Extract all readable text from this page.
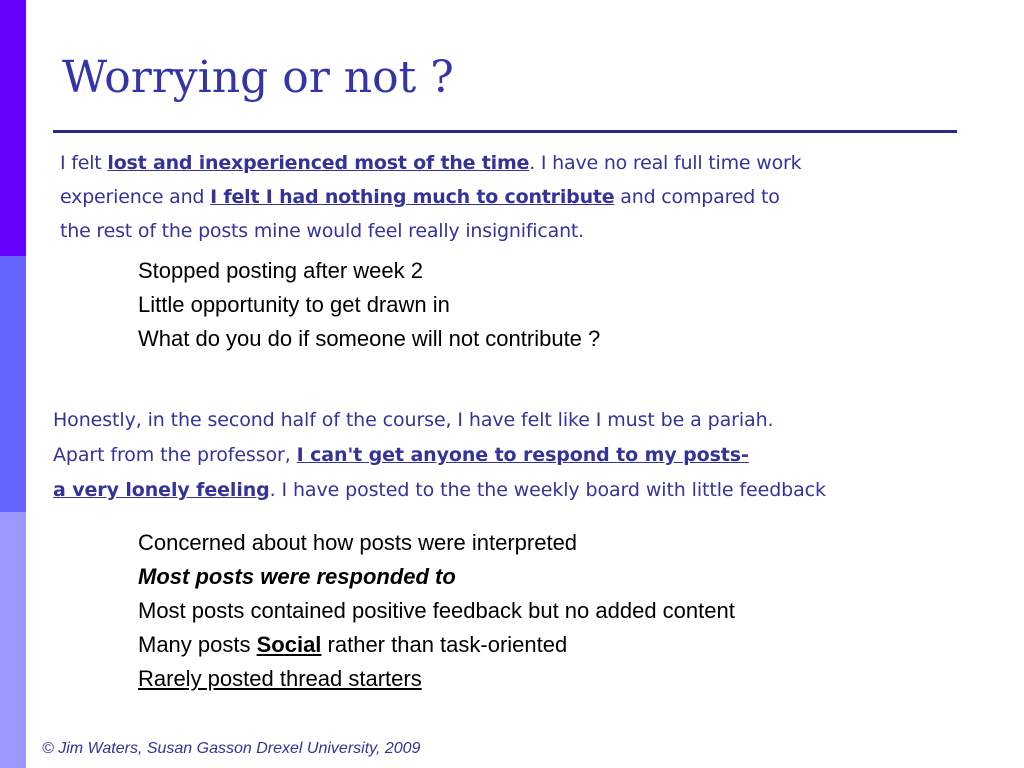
Worrying or not ?
I felt lost and inexperienced most of the time. I have no real full time work
experience and I felt I had nothing much to contribute and compared to
the rest of the posts mine would feel really insignificant.
Stopped posting after week 2
Little opportunity to get drawn in
What do you do if someone will not contribute ?
Honestly, in the second half of the course, I have felt like I must be a pariah.
Apart from the professor, I can't get anyone to respond to my posts-
a very lonely feeling. I have posted to the the weekly board with little feedback
Concerned about how posts were interpreted
Most posts were responded to
Most posts contained positive feedback but no added content
Many posts Social rather than task-oriented
Rarely posted thread starters
© Jim Waters, Susan Gasson Drexel University, 2009
